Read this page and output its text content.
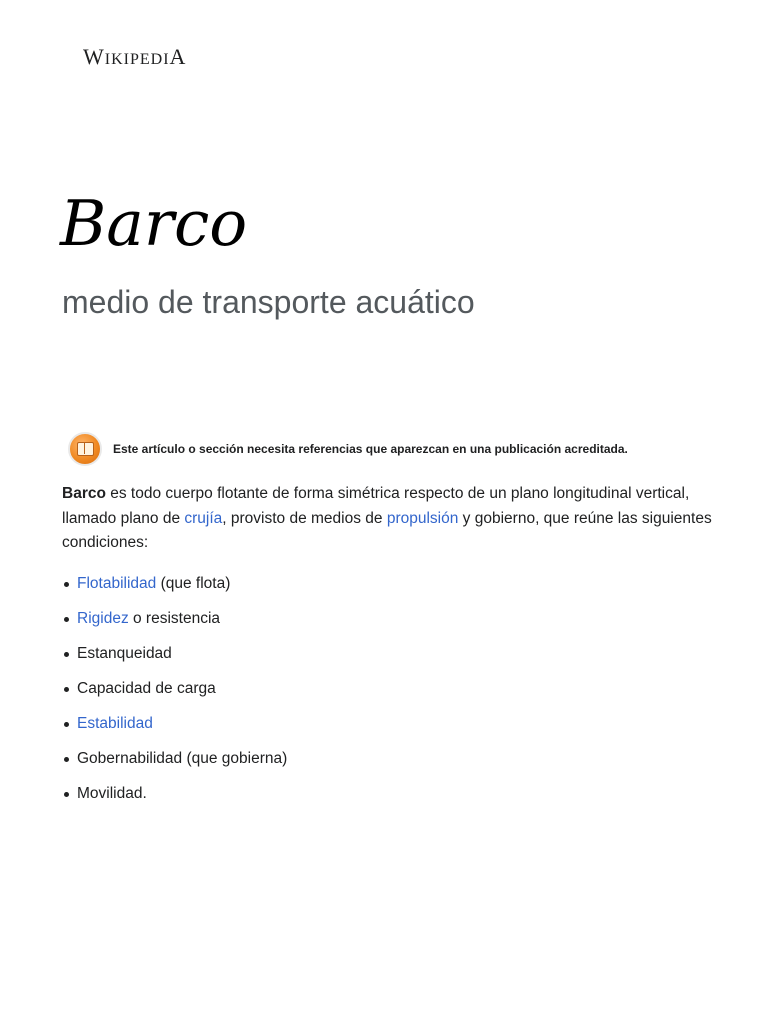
WIKIPEDIA
Barco
medio de transporte acuático
Este artículo o sección necesita referencias que aparezcan en una publicación acreditada.

Barco es todo cuerpo flotante de forma simétrica respecto de un plano longitudinal vertical, llamado plano de crujía, provisto de medios de propulsión y gobierno, que reúne las siguientes condiciones:

Flotabilidad (que flota)
Rigidez o resistencia
Estanqueidad
Capacidad de carga
Estabilidad
Gobernabilidad (que gobierna)
Movilidad.
